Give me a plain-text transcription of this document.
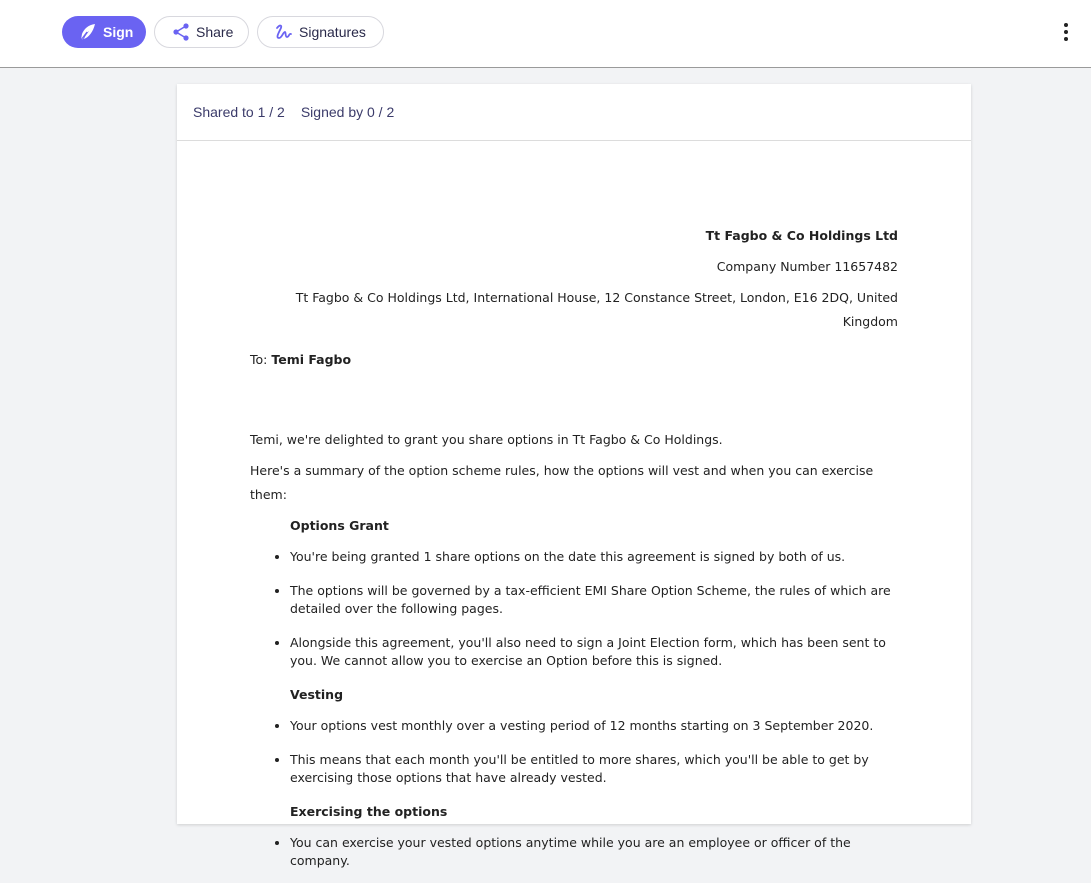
Sign	Share	Signatures
Shared to 1 / 2 Signed by 0 / 2
Tt Fagbo & Co Holdings Ltd
Company Number 11657482
Tt Fagbo & Co Holdings Ltd, International House, 12 Constance Street, London, E16 2DQ, United Kingdom
To: Temi Fagbo
Temi, we're delighted to grant you share options in Tt Fagbo & Co Holdings.
Here's a summary of the option scheme rules, how the options will vest and when you can exercise them:
Options Grant
• You're being granted 1 share options on the date this agreement is signed by both of us.
• The options will be governed by a tax-efficient EMI Share Option Scheme, the rules of which are detailed over the following pages.
• Alongside this agreement, you'll also need to sign a Joint Election form, which has been sent to you. We cannot allow you to exercise an Option before this is signed.
Vesting
• Your options vest monthly over a vesting period of 12 months starting on 3 September 2020.
• This means that each month you'll be entitled to more shares, which you'll be able to get by exercising those options that have already vested.
Exercising the options
• You can exercise your vested options anytime while you are an employee or officer of the company.
